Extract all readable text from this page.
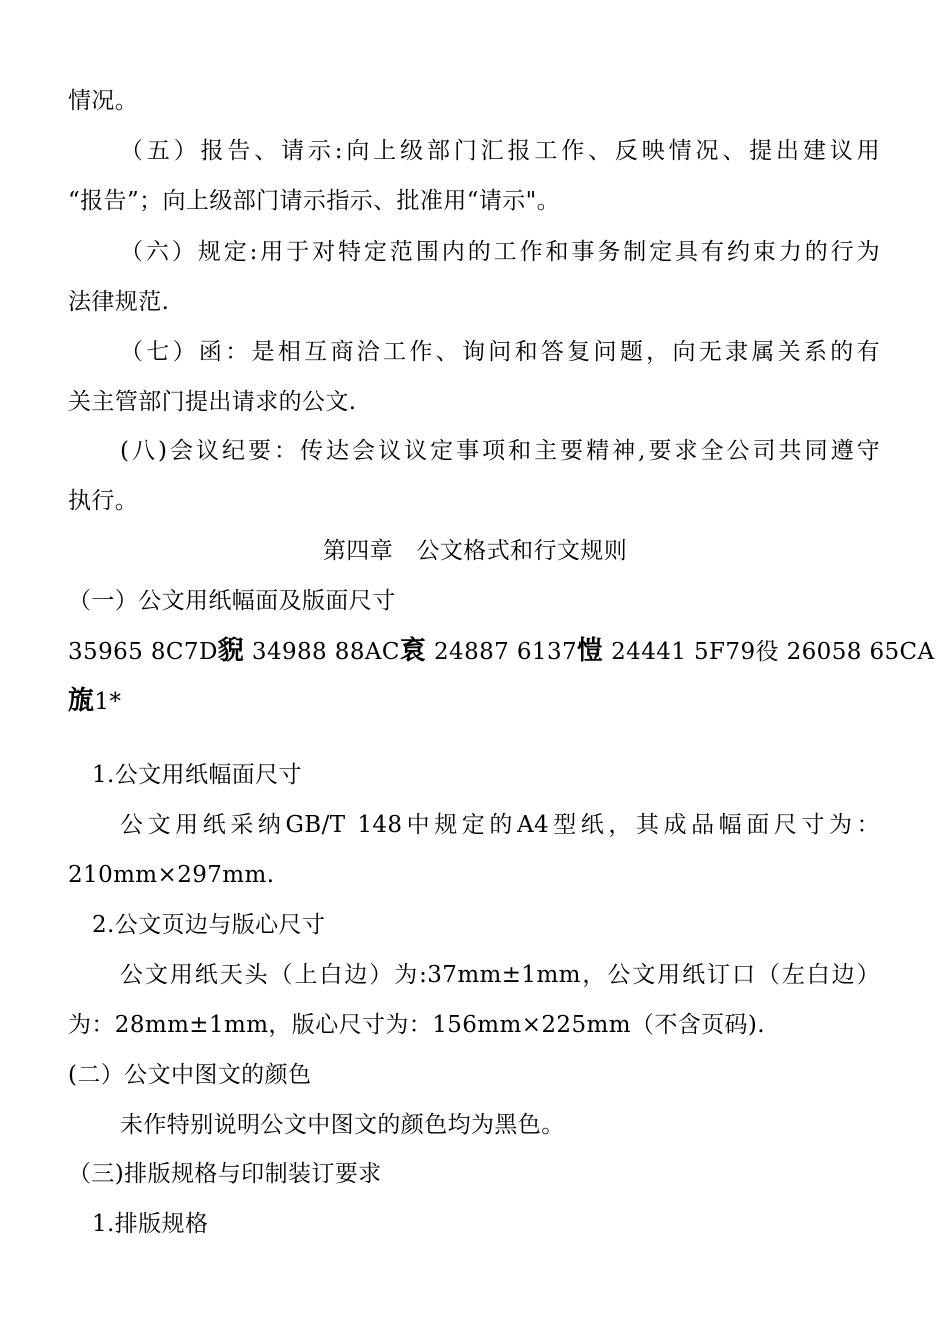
情况。
（五）报告、请示:向上级部门汇报工作、反映情况、提出建议用
“报告”；向上级部门请示指示、批准用“请示"。
（六）规定:用于对特定范围内的工作和事务制定具有约束力的行为
法律规范.
（七）函：是相互商洽工作、询问和答复问题，向无隶属关系的有
关主管部门提出请求的公文.
(八)会议纪要：传达会议议定事项和主要精神,要求全公司共同遵守
执行。
第四章　公文格式和行文规则
（一）公文用纸幅面及版面尺寸
35965 8C7D貎 34988 88AC袬 24887 6137愷 24441 5F79役 26058 65CA
旊1*
1.公文用纸幅面尺寸
公文用纸采纳GB/T 148中规定的A4型纸，其成品幅面尺寸为：
210mm×297mm.
2.公文页边与版心尺寸
公文用纸天头（上白边）为:37mm±1mm，公文用纸订口（左白边）
为：28mm±1mm，版心尺寸为：156mm×225mm（不含页码).
(二）公文中图文的颜色
未作特别说明公文中图文的颜色均为黑色。
（三)排版规格与印制装订要求
1.排版规格
